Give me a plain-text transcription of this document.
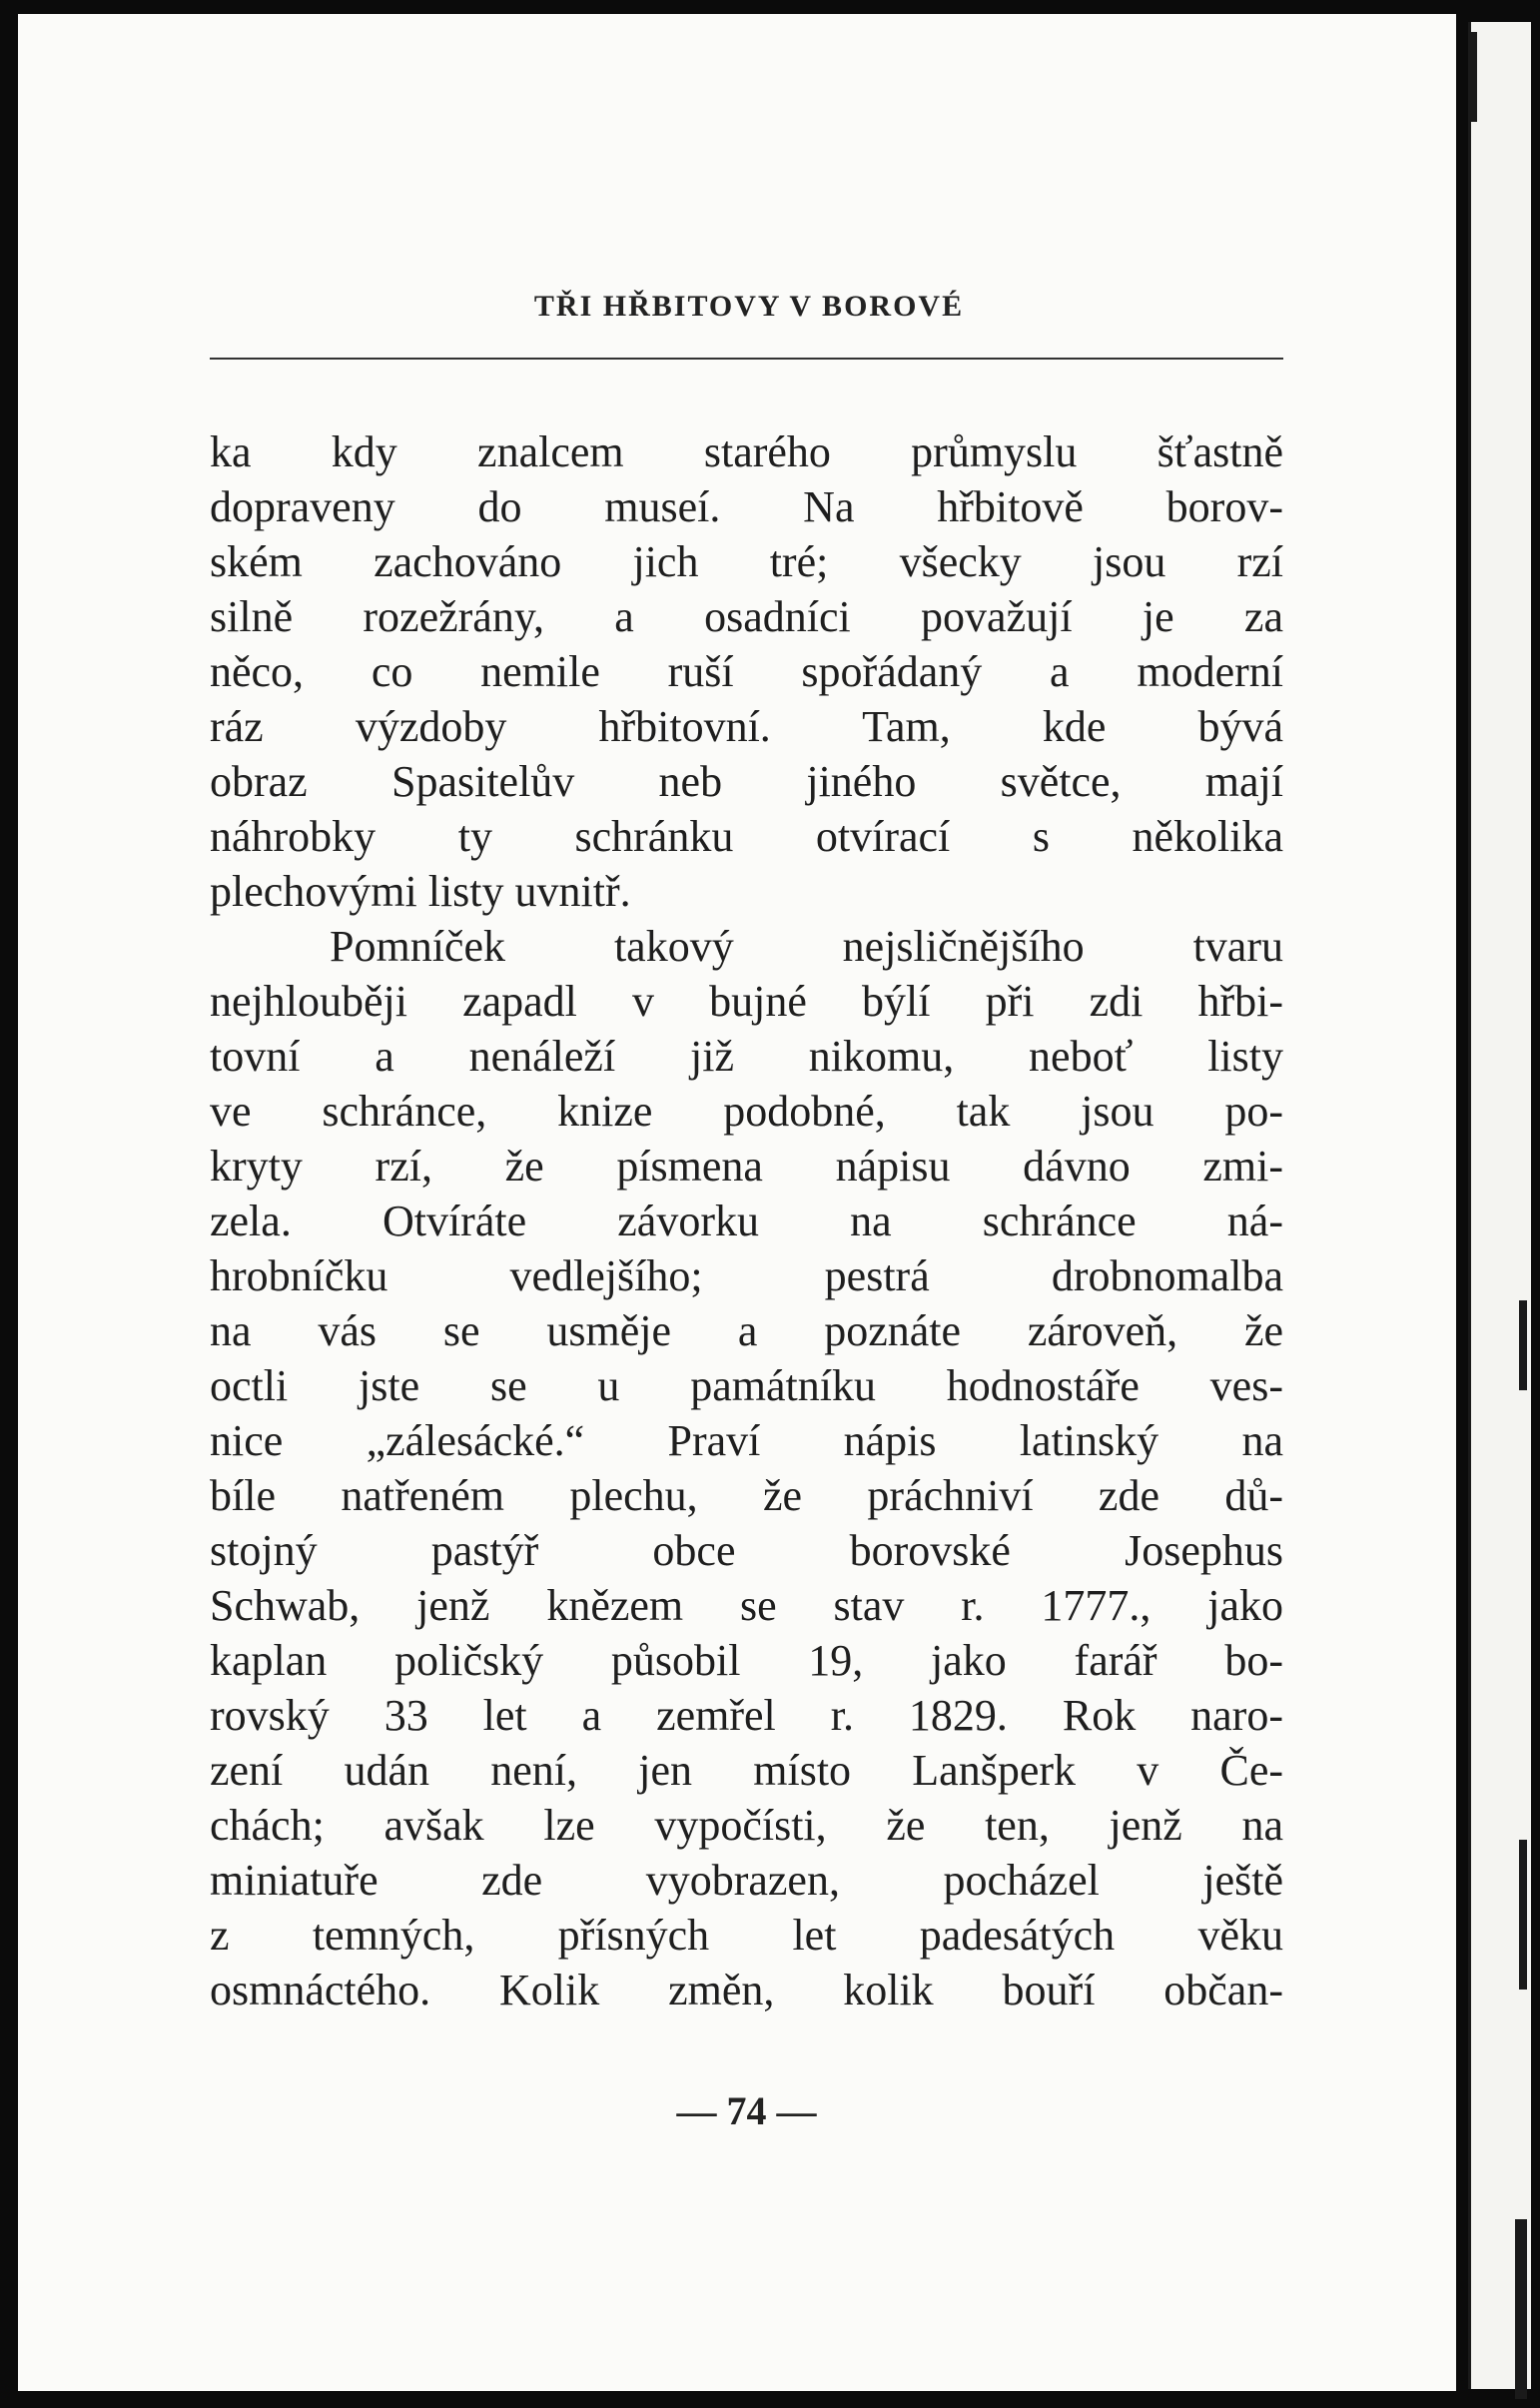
TŘI HŘBITOVY V BOROVÉ
ka kdy znalcem starého průmyslu šťastně
dopraveny do museí. Na hřbitově borov-
ském zachováno jich tré; všecky jsou rzí
silně rozežrány, a osadníci považují je za
něco, co nemile ruší spořádaný a moderní
ráz výzdoby hřbitovní. Tam, kde bývá
obraz Spasitelův neb jiného světce, mají
náhrobky ty schránku otvírací s několika
plechovými listy uvnitř.
Pomníček takový nejsličnějšího tvaru
nejhlouběji zapadl v bujné býlí při zdi hřbi-
tovní a nenáleží již nikomu, neboť listy
ve schránce, knize podobné, tak jsou po-
kryty rzí, že písmena nápisu dávno zmi-
zela. Otvíráte závorku na schránce ná-
hrobníčku vedlejšího; pestrá drobnomalba
na vás se usměje a poznáte zároveň, že
octli jste se u památníku hodnostáře ves-
nice „zálesácké.“ Praví nápis latinský na
bíle natřeném plechu, že práchniví zde dů-
stojný pastýř obce borovské Josephus
Schwab, jenž knězem se stav r. 1777., jako
kaplan poličský působil 19, jako farář bo-
rovský 33 let a zemřel r. 1829. Rok naro-
zení udán není, jen místo Lanšperk v Če-
chách; avšak lze vypočísti, že ten, jenž na
miniatuře zde vyobrazen, pocházel ještě
z temných, přísných let padesátých věku
osmnáctého. Kolik změn, kolik bouří občan-
— 74 —
